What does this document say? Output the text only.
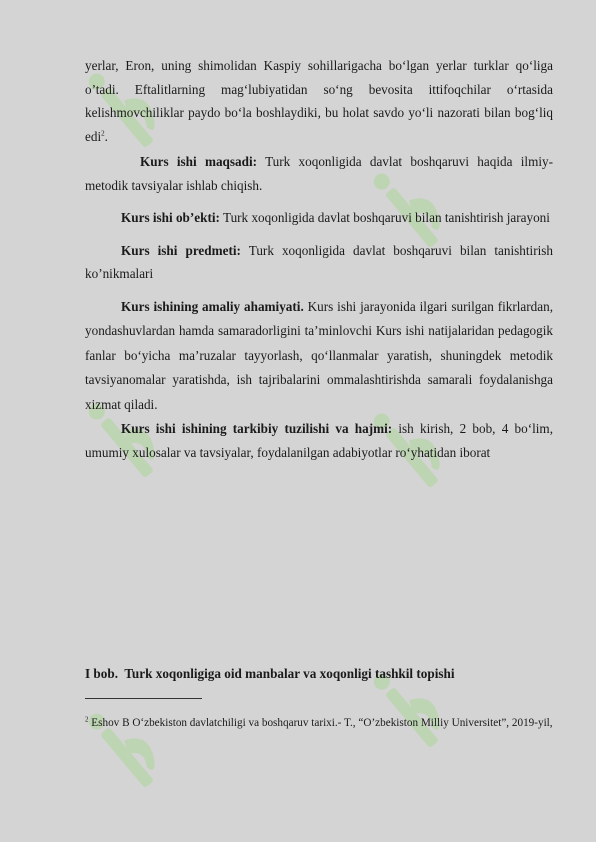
yerlar, Eron, uning shimolidan Kaspiy sohillarigacha bo‘lgan yerlar turklar qo‘liga o’tadi. Eftalitlarning mag‘lubiyatidan so‘ng bevosita ittifoqchilar o‘rtasida kelishmovchiliklar paydo bo‘la boshlaydiki, bu holat savdo yo‘li nazorati bilan bog‘liq edi$^2$.

Kurs ishi maqsadi: Turk xoqonligida davlat boshqaruvi haqida ilmiy-metodik tavsiyalar ishlab chiqish.

Kurs ishi ob’ekti: Turk xoqonligida davlat boshqaruvi bilan tanishtirish jarayoni

Kurs ishi predmeti: Turk xoqonligida davlat boshqaruvi bilan tanishtirish ko’nikmalari

Kurs ishining amaliy ahamiyati. Kurs ishi jarayonida ilgari surilgan fikrlardan, yondashuvlardan hamda samaradorligini ta’minlovchi Kurs ishi natijalaridan pedagogik fanlar bo‘yicha ma’ruzalar tayyorlash, qo‘llanmalar yaratish, shuningdek metodik tavsiyanomalar yaratishda, ish tajribalarini ommalashtirishda samarali foydalanishga xizmat qiladi.

Kurs ishi ishining tarkibiy tuzilishi va hajmi: ish kirish, 2 bob, 4 bo‘lim, umumiy xulosalar va tavsiyalar, foydalanilgan adabiyotlar ro‘yhatidan iborat

I bob.  Turk xoqonligiga oid manbalar va xoqonligi tashkil topishi
$^2$ Eshov B O‘zbekiston davlatchiligi va boshqaruv tarixi.- T., “O’zbekiston Milliy Universitet”, 2019-yil,
